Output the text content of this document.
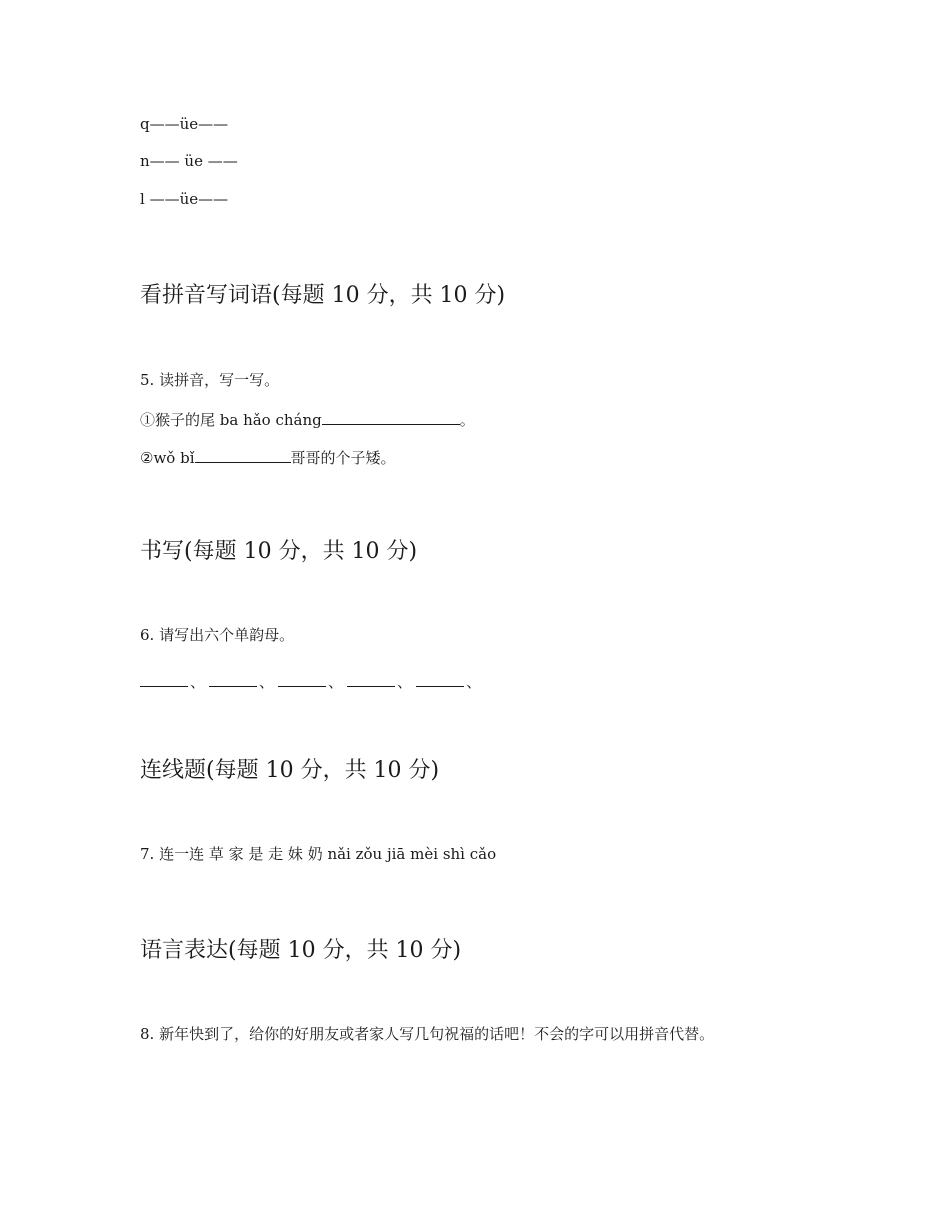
q——üe——
n—— üe ——
l ——üe——
看拼音写词语(每题 10 分，共 10 分)
5. 读拼音，写一写。
①猴子的尾 ba hǎo cháng	。
②wǒ bǐ	哥哥的个子矮。
书写(每题 10 分，共 10 分)
6. 请写出六个单韵母。
、	、	、	、	、
连线题(每题 10 分，共 10 分)
7. 连一连 草 家 是 走 妹 奶 nǎi zǒu jiā mèi shì cǎo
语言表达(每题 10 分，共 10 分)
8. 新年快到了，给你的好朋友或者家人写几句祝福的话吧！不会的字可以用拼音代替。
